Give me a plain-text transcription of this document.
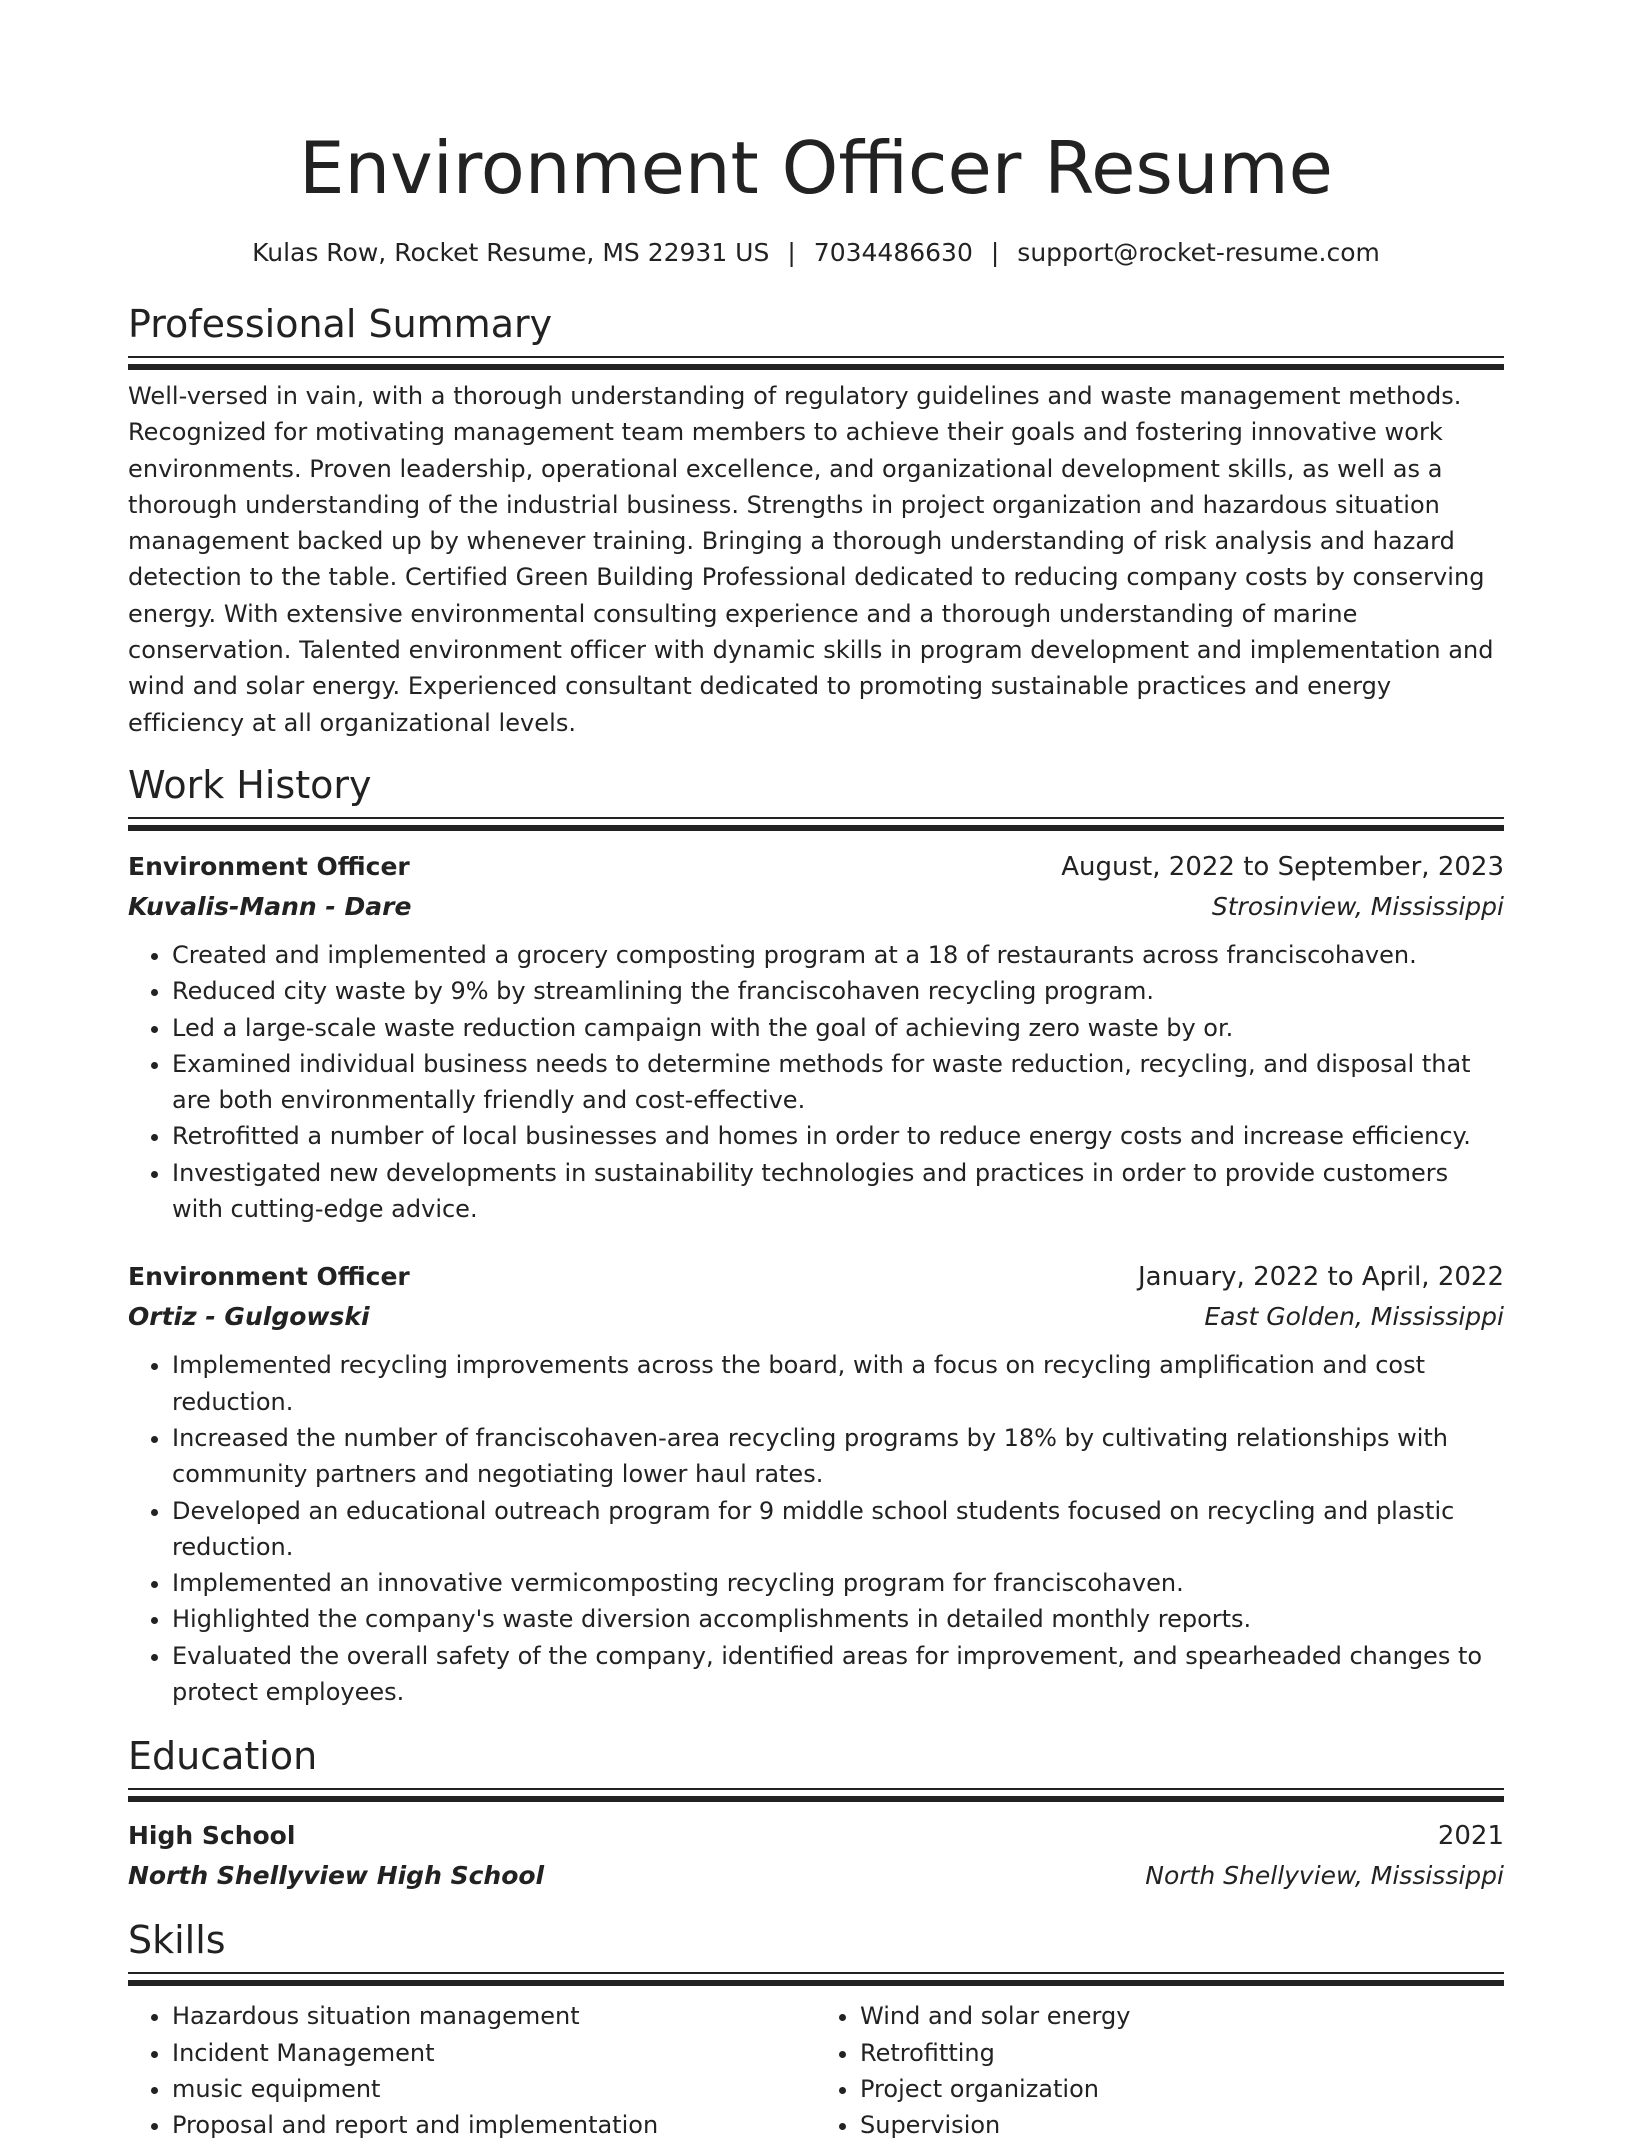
Environment Officer Resume
Kulas Row, Rocket Resume, MS 22931 US | 7034486630 | support@rocket-resume.com
Professional Summary
Well-versed in vain, with a thorough understanding of regulatory guidelines and waste management methods. Recognized for motivating management team members to achieve their goals and fostering innovative work environments. Proven leadership, operational excellence, and organizational development skills, as well as a thorough understanding of the industrial business. Strengths in project organization and hazardous situation management backed up by whenever training. Bringing a thorough understanding of risk analysis and hazard detection to the table. Certified Green Building Professional dedicated to reducing company costs by conserving energy. With extensive environmental consulting experience and a thorough understanding of marine conservation. Talented environment officer with dynamic skills in program development and implementation and wind and solar energy. Experienced consultant dedicated to promoting sustainable practices and energy efficiency at all organizational levels.
Work History
Environment Officer	August, 2022 to September, 2023
Kuvalis-Mann - Dare	Strosinview, Mississippi
• Created and implemented a grocery composting program at a 18 of restaurants across franciscohaven.
• Reduced city waste by 9% by streamlining the franciscohaven recycling program.
• Led a large-scale waste reduction campaign with the goal of achieving zero waste by or.
• Examined individual business needs to determine methods for waste reduction, recycling, and disposal that are both environmentally friendly and cost-effective.
• Retrofitted a number of local businesses and homes in order to reduce energy costs and increase efficiency.
• Investigated new developments in sustainability technologies and practices in order to provide customers with cutting-edge advice.
Environment Officer	January, 2022 to April, 2022
Ortiz - Gulgowski	East Golden, Mississippi
• Implemented recycling improvements across the board, with a focus on recycling amplification and cost reduction.
• Increased the number of franciscohaven-area recycling programs by 18% by cultivating relationships with community partners and negotiating lower haul rates.
• Developed an educational outreach program for 9 middle school students focused on recycling and plastic reduction.
• Implemented an innovative vermicomposting recycling program for franciscohaven.
• Highlighted the company's waste diversion accomplishments in detailed monthly reports.
• Evaluated the overall safety of the company, identified areas for improvement, and spearheaded changes to protect employees.
Education
High School	2021
North Shellyview High School	North Shellyview, Mississippi
Skills
• Hazardous situation management
• Incident Management
• music equipment
• Proposal and report and implementation
• Wind and solar energy
• Retrofitting
• Project organization
• Supervision
